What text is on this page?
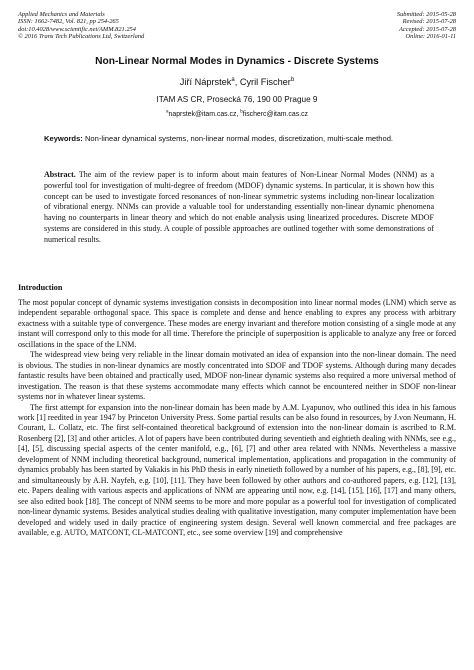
Applied Mechanics and Materials
ISSN: 1662-7482, Vol. 821, pp 254-265
doi:10.4028/www.scientific.net/AMM.821.254
© 2016 Trans Tech Publications Ltd, Switzerland
Submitted: 2015-05-28
Revised: 2015-07-28
Accepted: 2015-07-28
Online: 2016-01-11
Non-Linear Normal Modes in Dynamics - Discrete Systems
Jiří Náprstek$^a$, Cyril Fischer$^b$
ITAM AS CR, Prosecká 76, 190 00 Prague 9
$^a$naprstek@itam.cas.cz, $^b$fischerc@itam.cas.cz
Keywords: Non-linear dynamical systems, non-linear normal modes, discretization, multi-scale method.
Abstract. The aim of the review paper is to inform about main features of Non-Linear Normal Modes (NNM) as a powerful tool for investigation of multi-degree of freedom (MDOF) dynamic systems. In particular, it is shown how this concept can be used to investigate forced resonances of non-linear symmetric systems including non-linear localization of vibrational energy. NNMs can provide a valuable tool for understanding essentially non-linear dynamic phenomena having no counterparts in linear theory and which do not enable analysis using linearized procedures. Discrete MDOF systems are considered in this study. A couple of possible approaches are outlined together with some demonstrations of numerical results.
Introduction

The most popular concept of dynamic systems investigation consists in decomposition into linear normal modes (LNM) which serve as independent separable orthogonal space. This space is complete and dense and hence enabling to expres any process with arbitrary exactness with a suitable type of convergence. These modes are energy invariant and therefore motion consisting of a single mode at any instant will correspond only to this mode for all time. Therefore the principle of superposition is applicable to analyze any free or forced oscillations in the space of the LNM.

The widespread view being very reliable in the linear domain motivated an idea of expansion into the non-linear domain. The need is obvious. The studies in non-linear dynamics are mostly concentrated into SDOF and TDOF systems. Although during many decades fantastic results have been obtained and practically used, MDOF non-linear dynamic systems also required a more universal method of investigation. The reason is that these systems accommodate many effects which cannot be encountered neither in SDOF non-linear systems nor in whatever linear systems.

The first attempt for expansion into the non-linear domain has been made by A.M. Lyapunov, who outlined this idea in his famous work [1] reedited in year 1947 by Princeton University Press. Some partial results can be also found in resources, by J.von Neumann, H. Courant, L. Collatz, etc. The first self-contained theoretical background of extension into the non-linear domain is ascribed to R.M. Rosenberg [2], [3] and other articles. A lot of papers have been contributed during seventieth and eightieth dealing with NNMs, see e.g., [4], [5], discussing special aspects of the center manifold, e.g., [6], [7] and other area related with NNMs. Nevertheless a massive development of NNM including theoretical background, numerical implementation, applications and propagation in the community of dynamics probably has been started by Vakakis in his PhD thesis in early ninetieth followed by a number of his papers, e.g., [8], [9], etc. and simultaneously by A.H. Nayfeh, e.g. [10], [11]. They have been followed by other authors and co-authored papers, e.g. [12], [13], etc. Papers dealing with various aspects and applications of NNM are appearing until now, e.g. [14], [15], [16], [17] and many others, see also edited book [18]. The concept of NNM seems to be more and more popular as a powerful tool for investigation of complicated non-linear dynamic systems. Besides analytical studies dealing with qualitative investigation, many computer implementation have been developed and widely used in daily practice of engineering system design. Several well known commercial and free packages are available, e.g. AUTO, MATCONT, CL-MATCONT, etc., see some overview [19] and comprehensive
